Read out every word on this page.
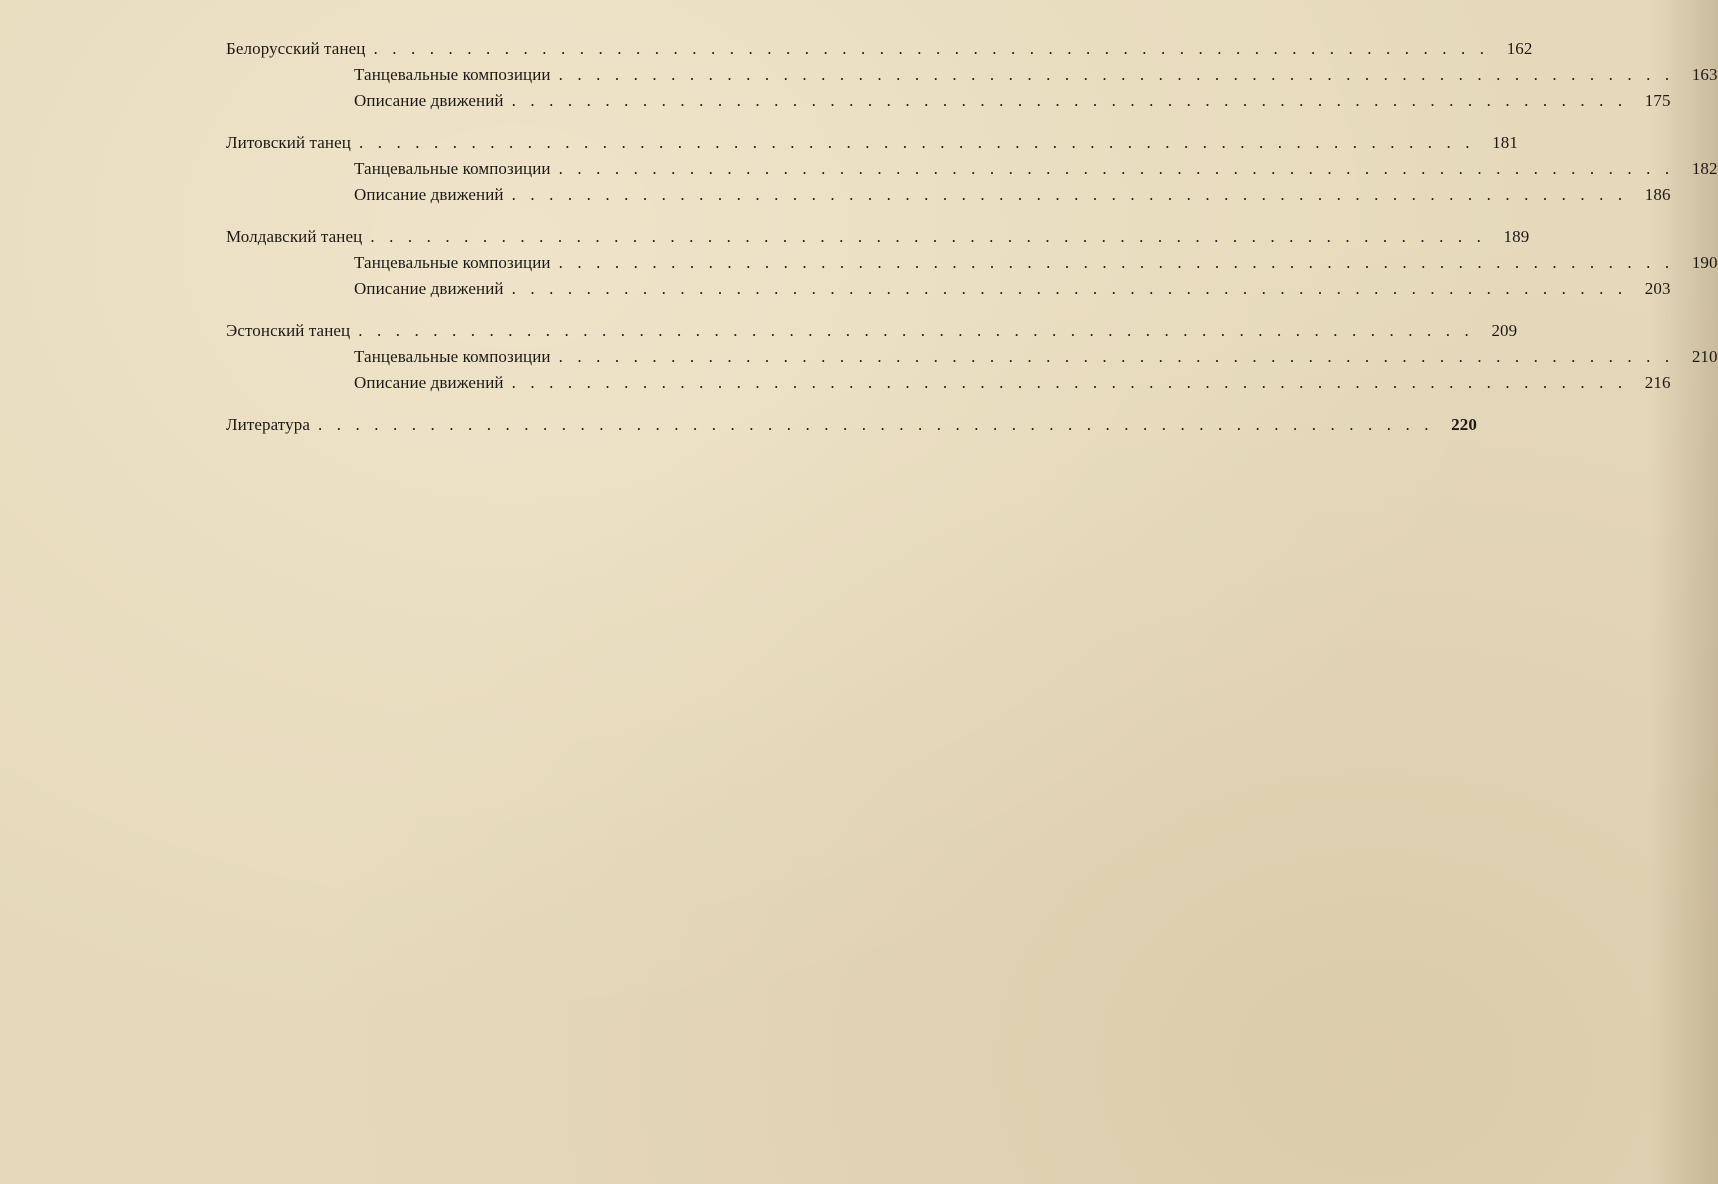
Белорусский танец ............................................................ 162
Танцевальные композиции ............................................................ 163
Описание движений ............................................................ 175
Литовский танец ............................................................ 181
Танцевальные композиции ............................................................ 182
Описание движений ............................................................ 186
Молдавский танец ............................................................ 189
Танцевальные композиции ............................................................ 190
Описание движений ............................................................ 203
Эстонский танец ............................................................ 209
Танцевальные композиции ............................................................ 210
Описание движений ............................................................ 216
Литература ............................................................ 220
